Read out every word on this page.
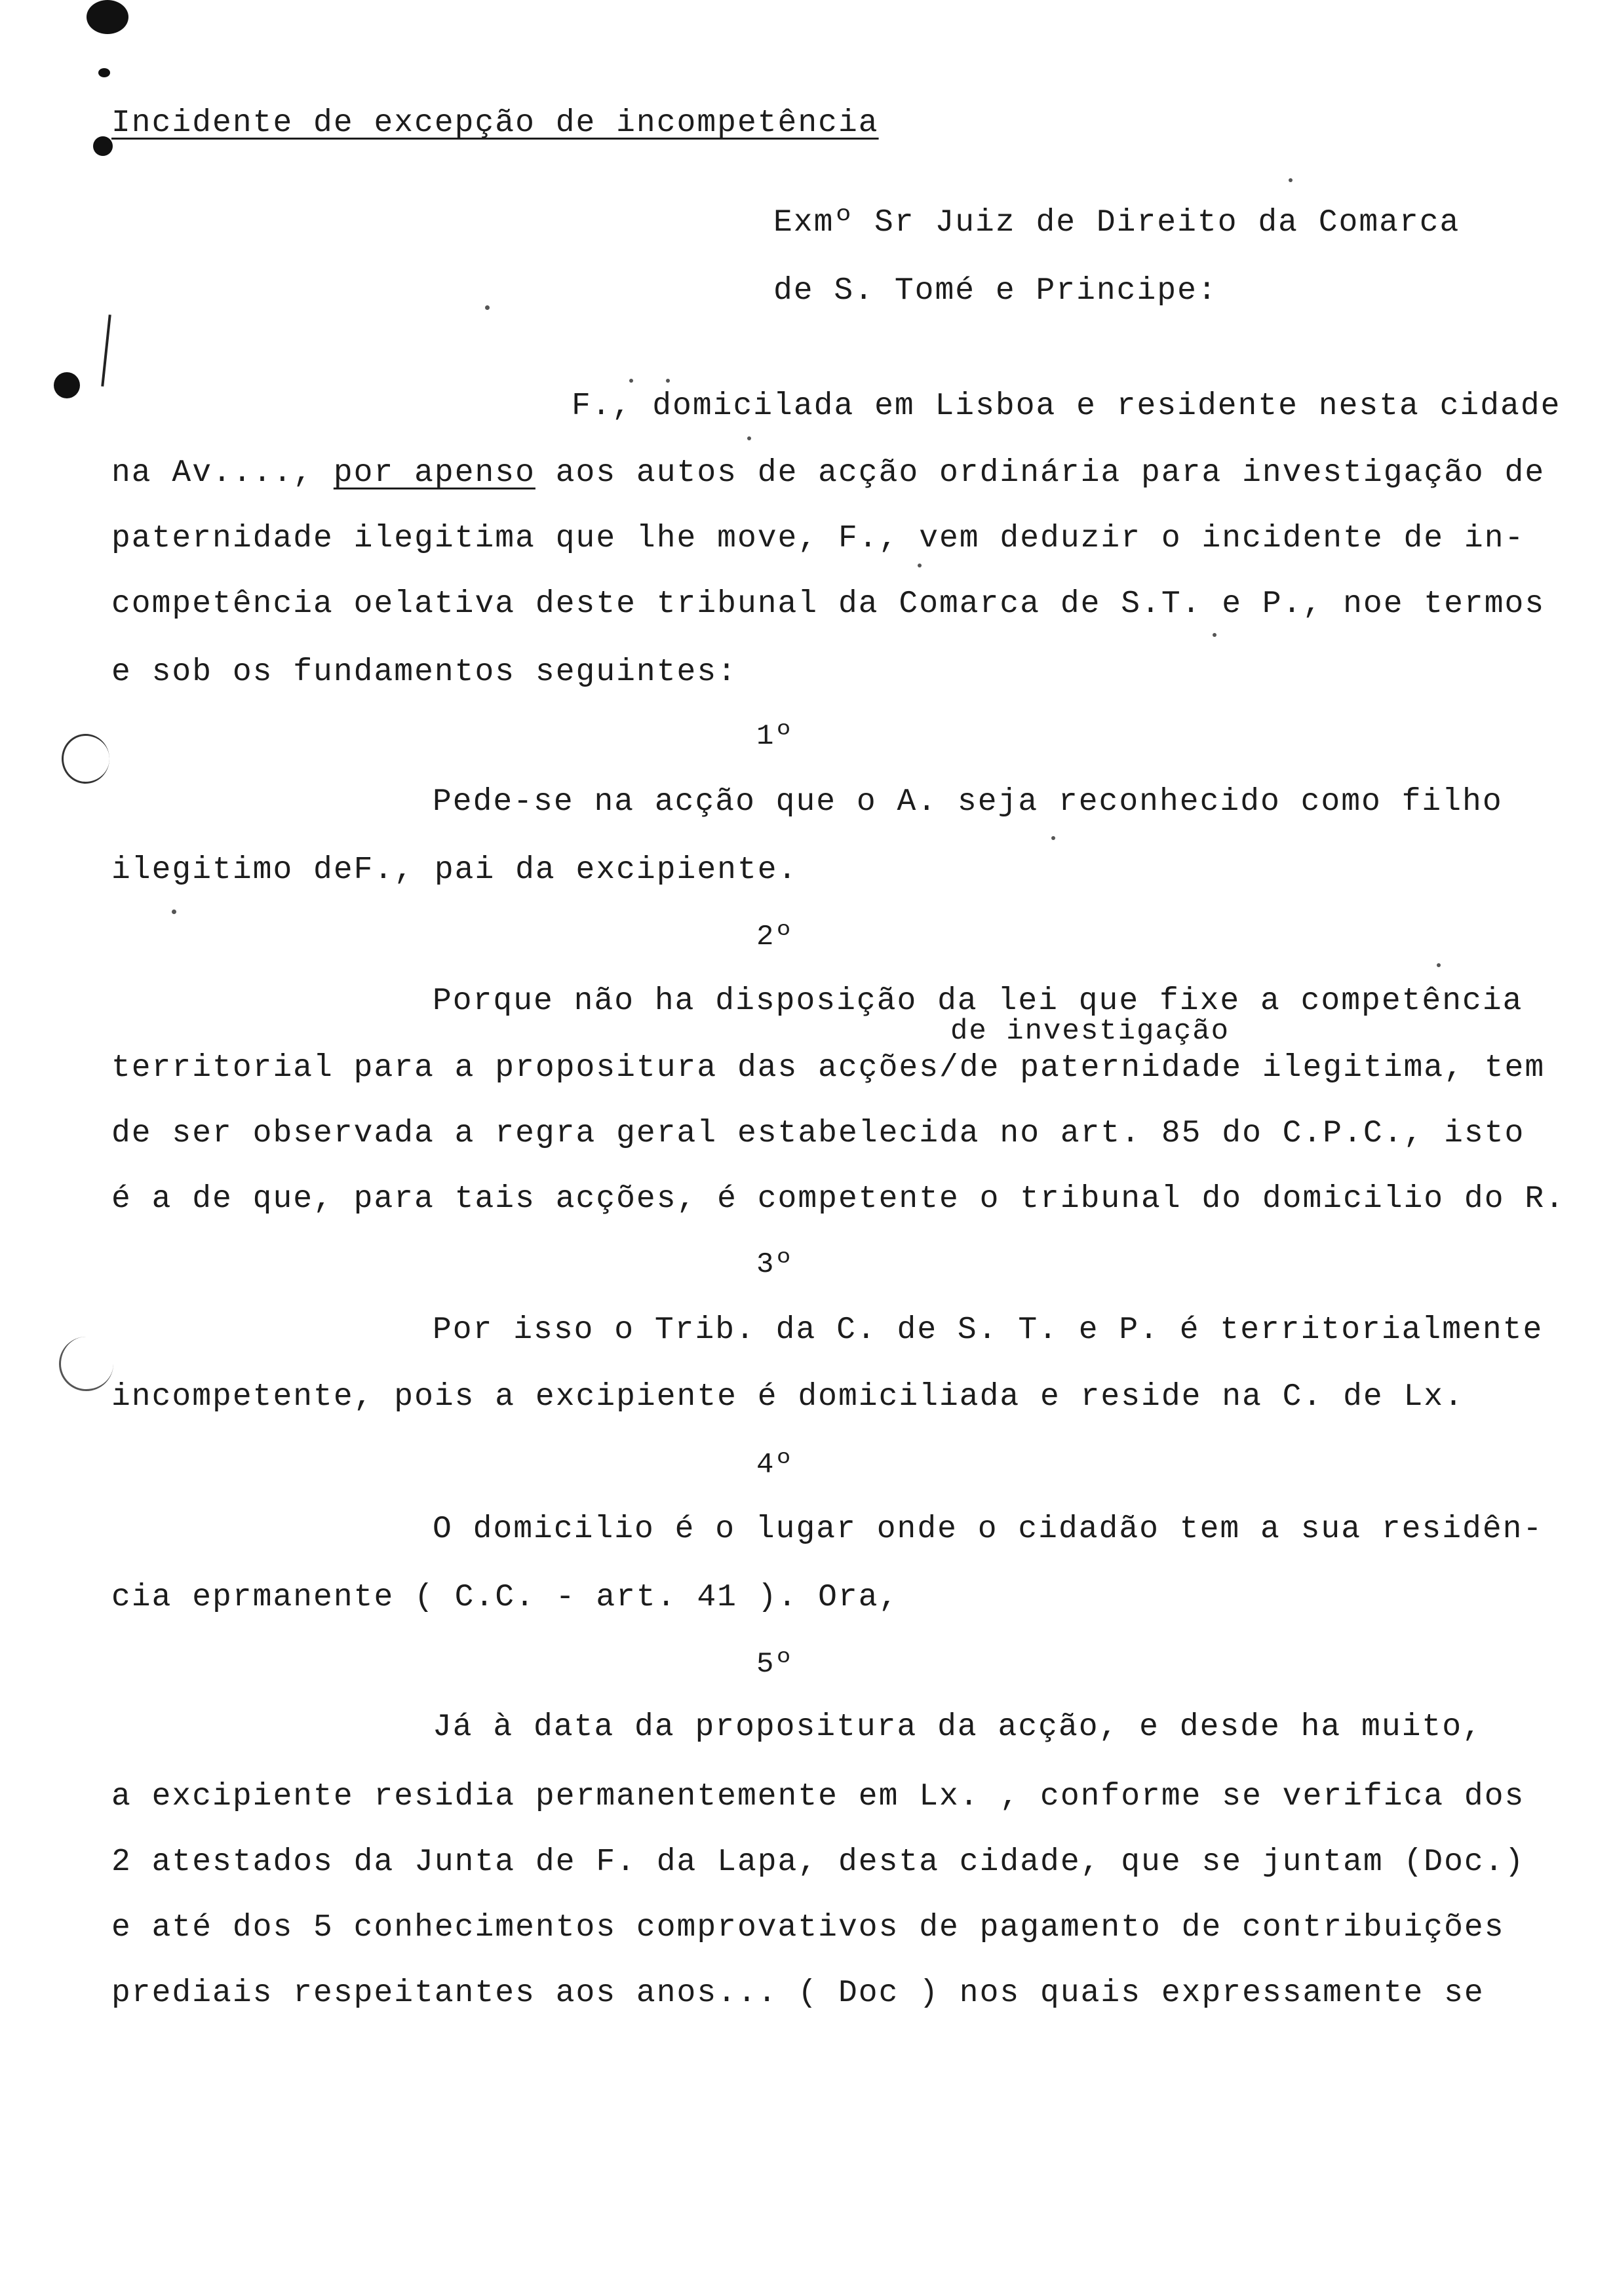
Incidente de excepção de incompetência
Exmº Sr Juiz de Direito da Comarca
de S. Tomé e Principe:
F., domicilada em Lisboa e residente nesta cidade
na Av...., por apenso aos autos de acção ordinária para investigação de
paternidade ilegitima que lhe move, F., vem deduzir o incidente de in-
competência oelativa deste tribunal da Comarca de S.T. e P., noe termos
e sob os fundamentos seguintes:
1º
Pede-se na acção que o A. seja reconhecido como filho
ilegitimo deF., pai da excipiente.
2º
Porque não ha disposição da lei que fixe a competência
de investigação
territorial para a propositura das acções/de paternidade ilegitima, tem
de ser observada a regra geral estabelecida no art. 85 do C.P.C., isto
é a de que, para tais acções, é competente o tribunal do domicilio do R.
3º
Por isso o Trib. da C. de S. T. e P. é territorialmente
incompetente, pois a excipiente é domiciliada e reside na C. de Lx.
4º
O domicilio é o lugar onde o cidadão tem a sua residên-
cia eprmanente ( C.C. - art. 41 ). Ora,
5º
Já à data da propositura da acção, e desde ha muito,
a excipiente residia permanentemente em Lx. , conforme se verifica dos
2 atestados da Junta de F. da Lapa, desta cidade, que se juntam (Doc.)
e até dos 5 conhecimentos comprovativos de pagamento de contribuições
prediais respeitantes aos anos... ( Doc ) nos quais expressamente se
